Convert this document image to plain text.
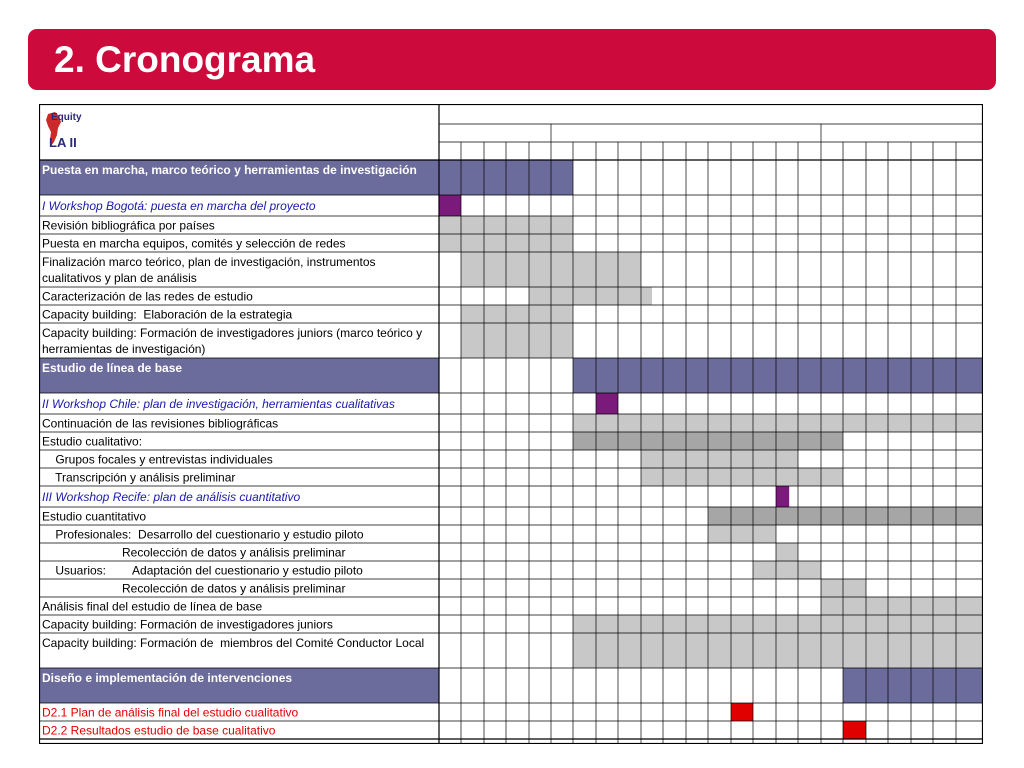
2. Cronograma
Equity
LA II
Puesta en marcha, marco teórico y herramientas de investigación
I Workshop Bogotá: puesta en marcha del proyecto
Revisión bibliográfica por países
Puesta en marcha equipos, comités y selección de redes
Finalización marco teórico, plan de investigación, instrumentos cualitativos y plan de análisis
Caracterización de las redes de estudio
Capacity building:  Elaboración de la estrategia
Capacity building: Formación de investigadores juniors (marco teórico y herramientas de investigación)
Estudio de línea de base
II Workshop Chile: plan de investigación, herramientas cualitativas
Continuación de las revisiones bibliográficas
Estudio cualitativo:
Grupos focales y entrevistas individuales
Transcripción y análisis preliminar
III Workshop Recife: plan de análisis cuantitativo
Estudio cuantitativo
Profesionales:  Desarrollo del cuestionario y estudio piloto
Recolección de datos y análisis preliminar
Usuarios:        Adaptación del cuestionario y estudio piloto
Recolección de datos y análisis preliminar
Análisis final del estudio de línea de base
Capacity building: Formación de investigadores juniors
Capacity building: Formación de  miembros del Comité Conductor Local
Diseño e implementación de intervenciones
D2.1 Plan de análisis final del estudio cualitativo
D2.2 Resultados estudio de base cualitativo
